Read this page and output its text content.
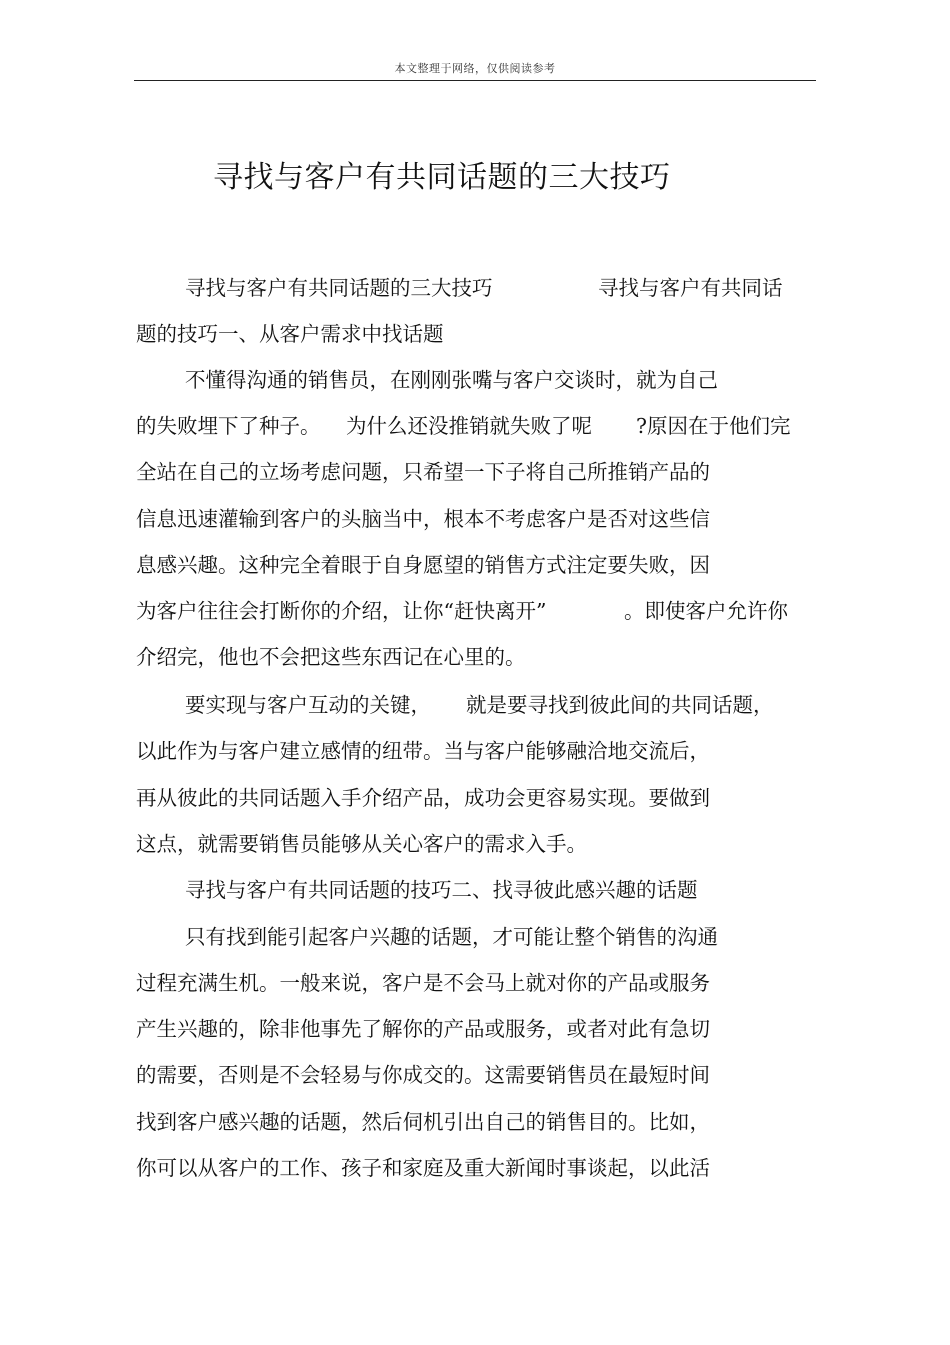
本文整理于网络，仅供阅读参考
寻找与客户有共同话题的三大技巧
寻找与客户有共同话题的三大技巧	寻找与客户有共同话
题的技巧一、从客户需求中找话题
不懂得沟通的销售员，在刚刚张嘴与客户交谈时，就为自己
的失败埋下了种子。 为什么还没推销就失败了呢 ?原因在于他们完
全站在自己的立场考虑问题，只希望一下子将自己所推销产品的
信息迅速灌输到客户的头脑当中，根本不考虑客户是否对这些信
息感兴趣。这种完全着眼于自身愿望的销售方式注定要失败，因
为客户往往会打断你的介绍，让你“赶快离开”	。即使客户允许你
介绍完，他也不会把这些东西记在心里的。
要实现与客户互动的关键， 就是要寻找到彼此间的共同话题，
以此作为与客户建立感情的纽带。当与客户能够融洽地交流后，
再从彼此的共同话题入手介绍产品，成功会更容易实现。要做到
这点，就需要销售员能够从关心客户的需求入手。
寻找与客户有共同话题的技巧二、找寻彼此感兴趣的话题
只有找到能引起客户兴趣的话题，才可能让整个销售的沟通
过程充满生机。一般来说，客户是不会马上就对你的产品或服务
产生兴趣的，除非他事先了解你的产品或服务，或者对此有急切
的需要，否则是不会轻易与你成交的。这需要销售员在最短时间
找到客户感兴趣的话题，然后伺机引出自己的销售目的。比如，
你可以从客户的工作、孩子和家庭及重大新闻时事谈起，以此活
